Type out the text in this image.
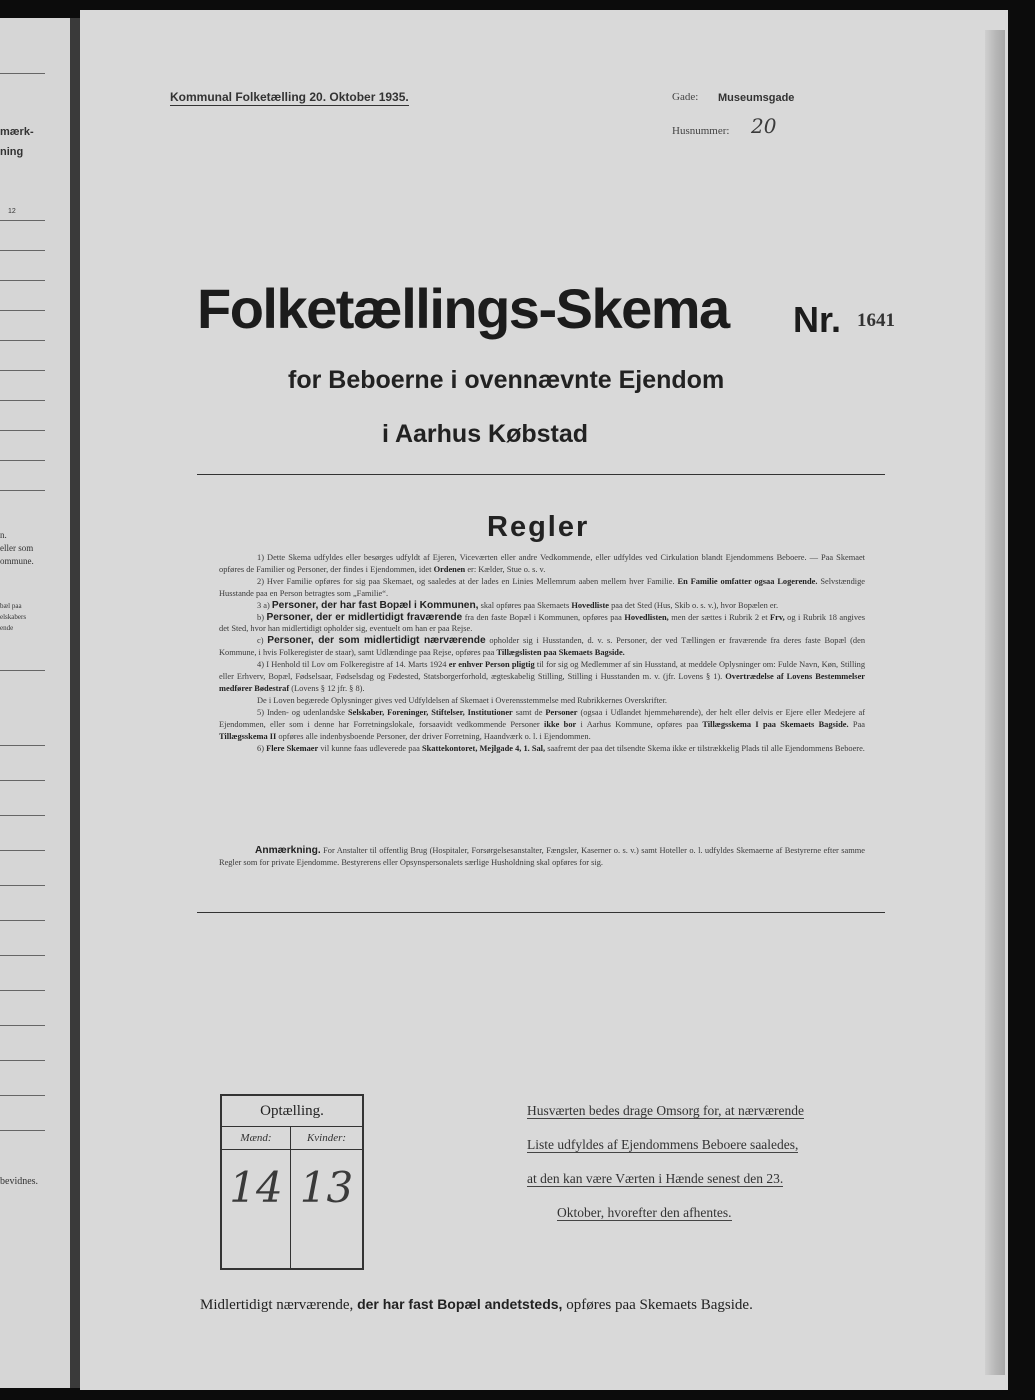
mærk-
ning
12
n.
eller som
ommune.
bæl paa
elskabers
ende
bevidnes.
Kommunal Folketælling 20. Oktober 1935.	Gade: Museumsgade
Husnummer: 20
Folketællings-Skema Nr. 1641
for Beboerne i ovennævnte Ejendom
i Aarhus Købstad
Regler

1) Dette Skema udfyldes eller besørges udfyldt af Ejeren, Viceværten eller andre Vedkommende, eller udfyldes ved Cirkulation blandt Ejendommens Beboere. — Paa Skemaet opføres de Familier og Personer, der findes i Ejendommen, idet Ordenen er: Kælder, Stue o. s. v.

2) Hver Familie opføres for sig paa Skemaet, og saaledes at der lades en Linies Mellemrum aaben mellem hver Familie. En Familie omfatter ogsaa Logerende. Selvstændige Husstande paa en Person betragtes som „Familie“.

3 a) Personer, der har fast Bopæl i Kommunen, skal opføres paa Skemaets Hovedliste paa det Sted (Hus, Skib o. s. v.), hvor Bopælen er.

b) Personer, der er midlertidigt fraværende fra den faste Bopæl i Kommunen, opføres paa Hovedlisten, men der sættes i Rubrik 2 et Frv, og i Rubrik 18 angives det Sted, hvor han midlertidigt opholder sig, eventuelt om han er paa Rejse.

c) Personer, der som midlertidigt nærværende opholder sig i Husstanden, d. v. s. Personer, der ved Tællingen er fraværende fra deres faste Bopæl (den Kommune, i hvis Folkeregister de staar), samt Udlændinge paa Rejse, opføres paa Tillægslisten paa Skemaets Bagside.

4) I Henhold til Lov om Folkeregistre af 14. Marts 1924 er enhver Person pligtig til for sig og Medlemmer af sin Husstand, at meddele Oplysninger om: Fulde Navn, Køn, Stilling eller Erhverv, Bopæl, Fødselsaar, Fødselsdag og Fødested, Statsborgerforhold, ægteskabelig Stilling, Stilling i Husstanden m. v. (jfr. Lovens § 1). Overtrædelse af Lovens Bestemmelser medfører Bødestraf (Lovens § 12 jfr. § 8).

De i Loven begærede Oplysninger gives ved Udfyldelsen af Skemaet i Overensstemmelse med Rubrikkernes Overskrifter.

5) Inden- og udenlandske Selskaber, Foreninger, Stiftelser, Institutioner samt de Personer (ogsaa i Udlandet hjemmehørende), der helt eller delvis er Ejere eller Medejere af Ejendommen, eller som i denne har Forretningslokale, forsaavidt vedkommende Personer ikke bor i Aarhus Kommune, opføres paa Tillægsskema I paa Skemaets Bagside. Paa Tillægsskema II opføres alle indenbysboende Personer, der driver Forretning, Haandværk o. l. i Ejendommen.

6) Flere Skemaer vil kunne faas udleverede paa Skattekontoret, Mejlgade 4, 1. Sal, saafremt der paa det tilsendte Skema ikke er tilstrækkelig Plads til alle Ejendommens Beboere.

Anmærkning. For Anstalter til offentlig Brug (Hospitaler, Forsørgelsesanstalter, Fængsler, Kaserner o. s. v.) samt Hoteller o. l. udfyldes Skemaerne af Bestyrerne efter samme Regler som for private Ejendomme. Bestyrerens eller Opsynspersonalets særlige Husholdning skal opføres for sig.

Optælling.
Mænd:
14
Kvinder:
13
Husværten bedes drage Omsorg for, at nærværende
Liste udfyldes af Ejendommens Beboere saaledes,
at den kan være Værten i Hænde senest den 23.
Oktober, hvorefter den afhentes.
Midlertidigt nærværende, der har fast Bopæl andetsteds, opføres paa Skemaets Bagside.
